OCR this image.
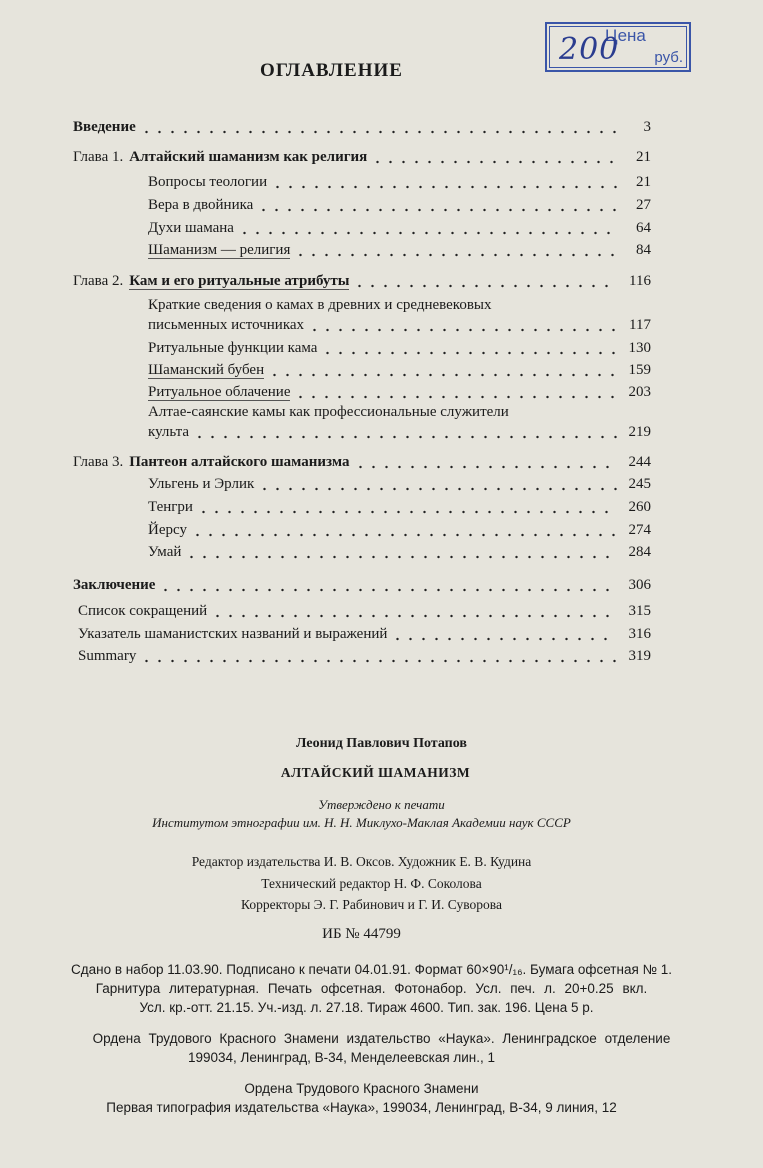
Цена
200 руб.
ОГЛАВЛЕНИЕ
Введение	3
Глава 1. Алтайский шаманизм как религия	21
Вопросы теологии	21
Вера в двойника	27
Духи шамана	64
Шаманизм — религия	84
Глава 2. Кам и его ритуальные атрибуты	116
Краткие сведения о камах в древних и средневековых
письменных источниках	117
Ритуальные функции кама	130
Шаманский бубен	159
Ритуальное облачение	203
Алтае-саянские камы как профессиональные служители
культа	219
Глава 3. Пантеон алтайского шаманизма	244
Ульгень и Эрлик	245
Тенгри	260
Йерсу	274
Умай	284
Заключение	306
Список сокращений	315
Указатель шаманистских названий и выражений	316
Summary	319
Леонид Павлович Потапов
АЛТАЙСКИЙ ШАМАНИЗМ
Утверждено к печати
Институтом этнографии им. Н. Н. Миклухо-Маклая Академии наук СССР
Редактор издательства И. В. Оксов. Художник Е. В. Кудина
Технический редактор Н. Ф. Соколова
Корректоры Э. Г. Рабинович и Г. И. Суворова
ИБ № 44799
Сдано в набор 11.03.90. Подписано к печати 04.01.91. Формат 60×90¹/₁₆. Бумага офсетная № 1.
Гарнитура литературная. Печать офсетная. Фотонабор. Усл. печ. л. 20+0.25 вкл.
Усл. кр.-отт. 21.15. Уч.-изд. л. 27.18. Тираж 4600. Тип. зак. 196. Цена 5 р.
Ордена Трудового Красного Знамени издательство «Наука». Ленинградское отделение
199034, Ленинград, В-34, Менделеевская лин., 1
Ордена Трудового Красного Знамени
Первая типография издательства «Наука», 199034, Ленинград, В-34, 9 линия, 12
